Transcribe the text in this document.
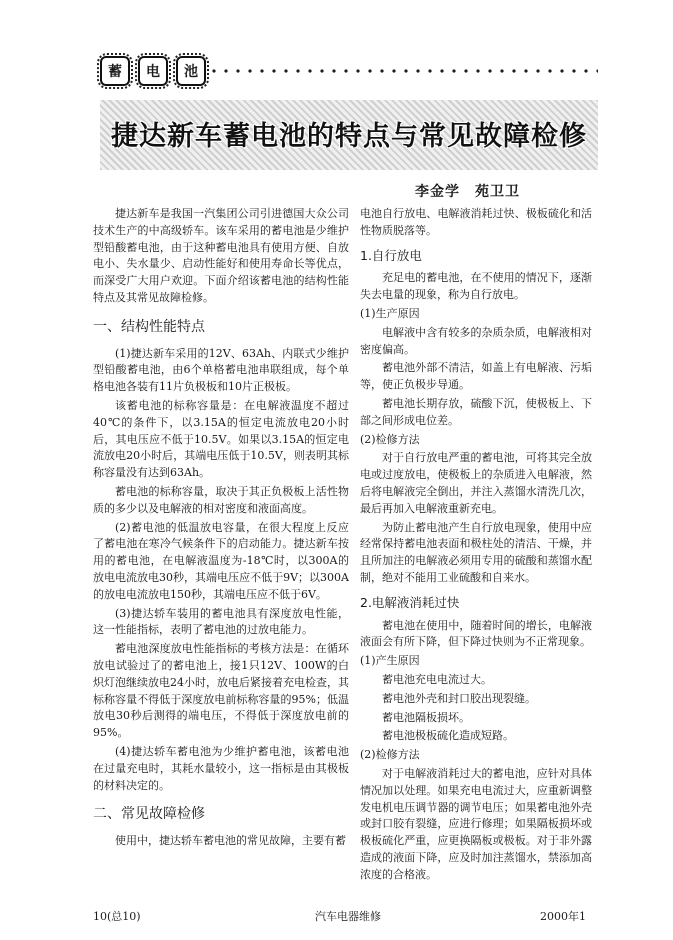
蓄	电	池
捷达新车蓄电池的特点与常见故障检修
李金学　苑卫卫

捷达新车是我国一汽集团公司引进德国大众公司技术生产的中高级轿车。该车采用的蓄电池是少维护型铅酸蓄电池，由于这种蓄电池具有使用方便、自放电小、失水量少、启动性能好和使用寿命长等优点，而深受广大用户欢迎。下面介绍该蓄电池的结构性能特点及其常见故障检修。

一、结构性能特点

(1)捷达新车采用的12V、63Ah、内联式少维护型铅酸蓄电池，由6个单格蓄电池串联组成，每个单格电池各装有11片负极板和10片正极板。

该蓄电池的标称容量是：在电解液温度不超过40℃的条件下，以3.15A的恒定电流放电20小时后，其电压应不低于10.5V。如果以3.15A的恒定电流放电20小时后，其端电压低于10.5V，则表明其标称容量没有达到63Ah。

蓄电池的标称容量，取决于其正负极板上活性物质的多少以及电解液的相对密度和液面高度。

(2)蓄电池的低温放电容量，在很大程度上反应了蓄电池在寒冷气候条件下的启动能力。捷达新车按用的蓄电池，在电解液温度为-18℃时，以300A的放电电流放电30秒，其端电压应不低于9V；以300A的放电电流放电150秒，其端电压应不低于6V。

(3)捷达轿车装用的蓄电池具有深度放电性能，这一性能指标，表明了蓄电池的过放电能力。

蓄电池深度放电性能指标的考核方法是：在循环放电试验过了的蓄电池上，接1只12V、100W的白炽灯泡继续放电24小时，放电后紧接着充电检查，其标称容量不得低于深度放电前标称容量的95%；低温放电30秒后测得的端电压，不得低于深度放电前的95%。

(4)捷达轿车蓄电池为少维护蓄电池，该蓄电池在过量充电时，其耗水量较小，这一指标是由其极板的材料决定的。

二、常见故障检修

使用中，捷达轿车蓄电池的常见故障，主要有蓄

电池自行放电、电解液消耗过快、极板硫化和活性物质脱落等。

1.自行放电

充足电的蓄电池，在不使用的情况下，逐渐失去电量的现象，称为自行放电。

(1)生产原因

电解液中含有较多的杂质杂质，电解液相对密度偏高。

蓄电池外部不清洁，如盖上有电解液、污垢等，使正负极步导通。

蓄电池长期存放，硫酸下沉，使极板上、下部之间形成电位差。

(2)检修方法

对于自行放电严重的蓄电池，可将其完全放电或过度放电，使极板上的杂质进入电解液，然后将电解液完全倒出，并注入蒸馏水清洗几次，最后再加入电解液重新充电。

为防止蓄电池产生自行放电现象，使用中应经常保持蓄电池表面和极柱处的清洁、干燥，并且所加注的电解液必须用专用的硫酸和蒸馏水配制，绝对不能用工业硫酸和自来水。

2.电解液消耗过快

蓄电池在使用中，随着时间的增长，电解液液面会有所下降，但下降过快则为不正常现象。

(1)产生原因

蓄电池充电电流过大。

蓄电池外壳和封口胶出现裂缝。

蓄电池隔板损坏。

蓄电池极板硫化造成短路。

(2)检修方法

对于电解液消耗过大的蓄电池，应针对具体情况加以处理。如果充电电流过大，应重新调整发电机电压调节器的调节电压；如果蓄电池外壳或封口胶有裂缝，应进行修理；如果隔板损坏或极板硫化严重，应更换隔板或极板。对于非外露造成的液面下降，应及时加注蒸馏水，禁添加高浓度的合格液。

10(总10)	汽车电器维修	2000年1
